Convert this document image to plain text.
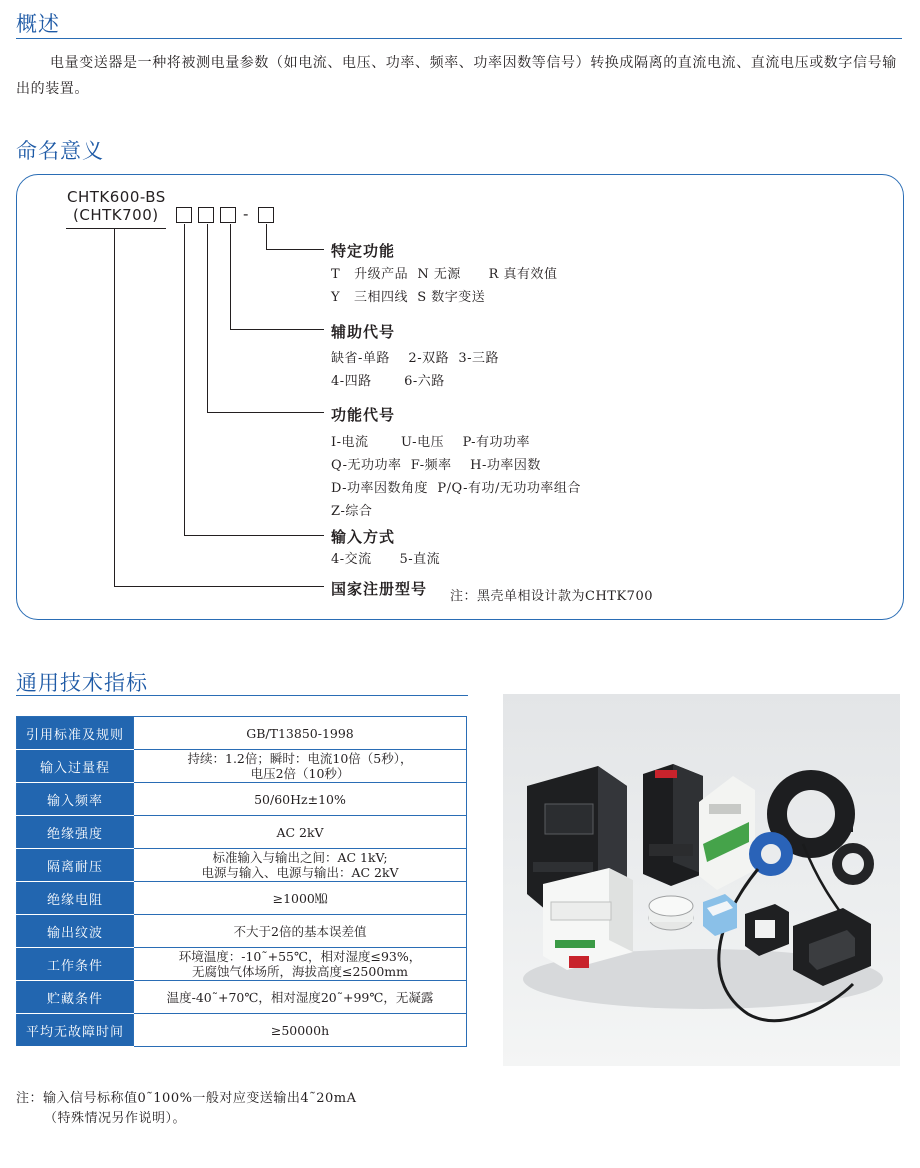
概述
电量变送器是一种将被测电量参数（如电流、电压、功率、频率、功率因数等信号）转换成隔离的直流电流、直流电压或数字信号输出的装置。
命名意义
CHTK600-BS
(CHTK700)	-
特定功能
T   升级产品  N 无源      R 真有效值
Y   三相四线  S 数字变送
辅助代号
缺省-单路    2-双路  3-三路
4-四路       6-六路
功能代号
I-电流       U-电压    P-有功功率
Q-无功功率  F-频率    H-功率因数
D-功率因数角度  P/Q-有功/无功功率组合
Z-综合
输入方式
4-交流      5-直流
国家注册型号 注：黑壳单相设计款为CHTK700
通用技术指标
引用标准及规则	GB/T13850-1998
输入过量程	持续：1.2倍；瞬时：电流10倍（5秒），
电压2倍（10秒）
输入频率	50/60Hz±10%
绝缘强度	AC 2kV
隔离耐压	标准输入与输出之间：AC 1kV;
电源与输入、电源与输出：AC 2kV
绝缘电阻	≥1000㏁
输出纹波	不大于2倍的基本误差值
工作条件	环境温度：-10˜+55℃，相对湿度≤93%，
无腐蚀气体场所，海拔高度≤2500mm
贮藏条件	温度-40˜+70℃，相对湿度20˜+99℃，无凝露
平均无故障时间	≥50000h
注：输入信号标称值0˜100%一般对应变送输出4˜20mA
（特殊情况另作说明）。
